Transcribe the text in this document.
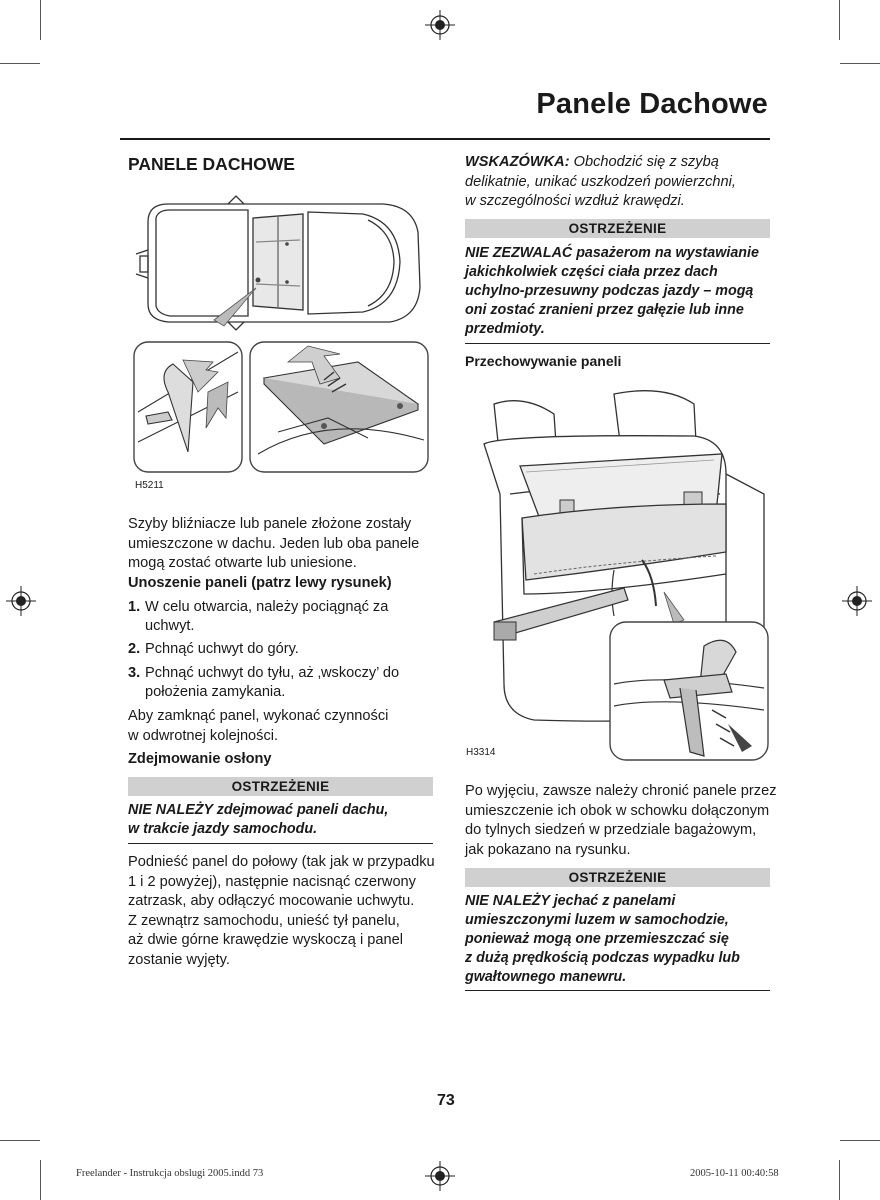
Panele Dachowe
PANELE DACHOWE
H5211
Szyby bliźniacze lub panele złożone zostały
umieszczone w dachu. Jeden lub oba panele
mogą zostać otwarte lub uniesione.
Unoszenie paneli (patrz lewy rysunek)
1. W celu otwarcia, należy pociągnąć za
uchwyt.
2. Pchnąć uchwyt do góry.
3. Pchnąć uchwyt do tyłu, aż ‚wskoczy’ do
położenia zamykania.
Aby zamknąć panel, wykonać czynności
w odwrotnej kolejności.
Zdejmowanie osłony
OSTRZEŻENIE
NIE NALEŻY zdejmować paneli dachu,
w trakcie jazdy samochodu.
Podnieść panel do połowy (tak jak w przypadku
1 i 2 powyżej), następnie nacisnąć czerwony
zatrzask, aby odłączyć mocowanie uchwytu.
Z zewnątrz samochodu, unieść tył panelu,
aż dwie górne krawędzie wyskoczą i panel
zostanie wyjęty.
WSKAZÓWKA: Obchodzić się z szybą
delikatnie, unikać uszkodzeń powierzchni,
w szczególności wzdłuż krawędzi.
OSTRZEŻENIE
NIE ZEZWALAĆ pasażerom na wystawianie
jakichkolwiek części ciała przez dach
uchylno-przesuwny podczas jazdy – mogą
oni zostać zranieni przez gałęzie lub inne
przedmioty.
Przechowywanie paneli
H3314
Po wyjęciu, zawsze należy chronić panele przez
umieszczenie ich obok w schowku dołączonym
do tylnych siedzeń w przedziale bagażowym,
jak pokazano na rysunku.
OSTRZEŻENIE
NIE NALEŻY jechać z panelami
umieszczonymi luzem w samochodzie,
ponieważ mogą one przemieszczać się
z dużą prędkością podczas wypadku lub
gwałtownego manewru.
73
Freelander - Instrukcja obslugi 2005.indd 73	2005-10-11 00:40:58
